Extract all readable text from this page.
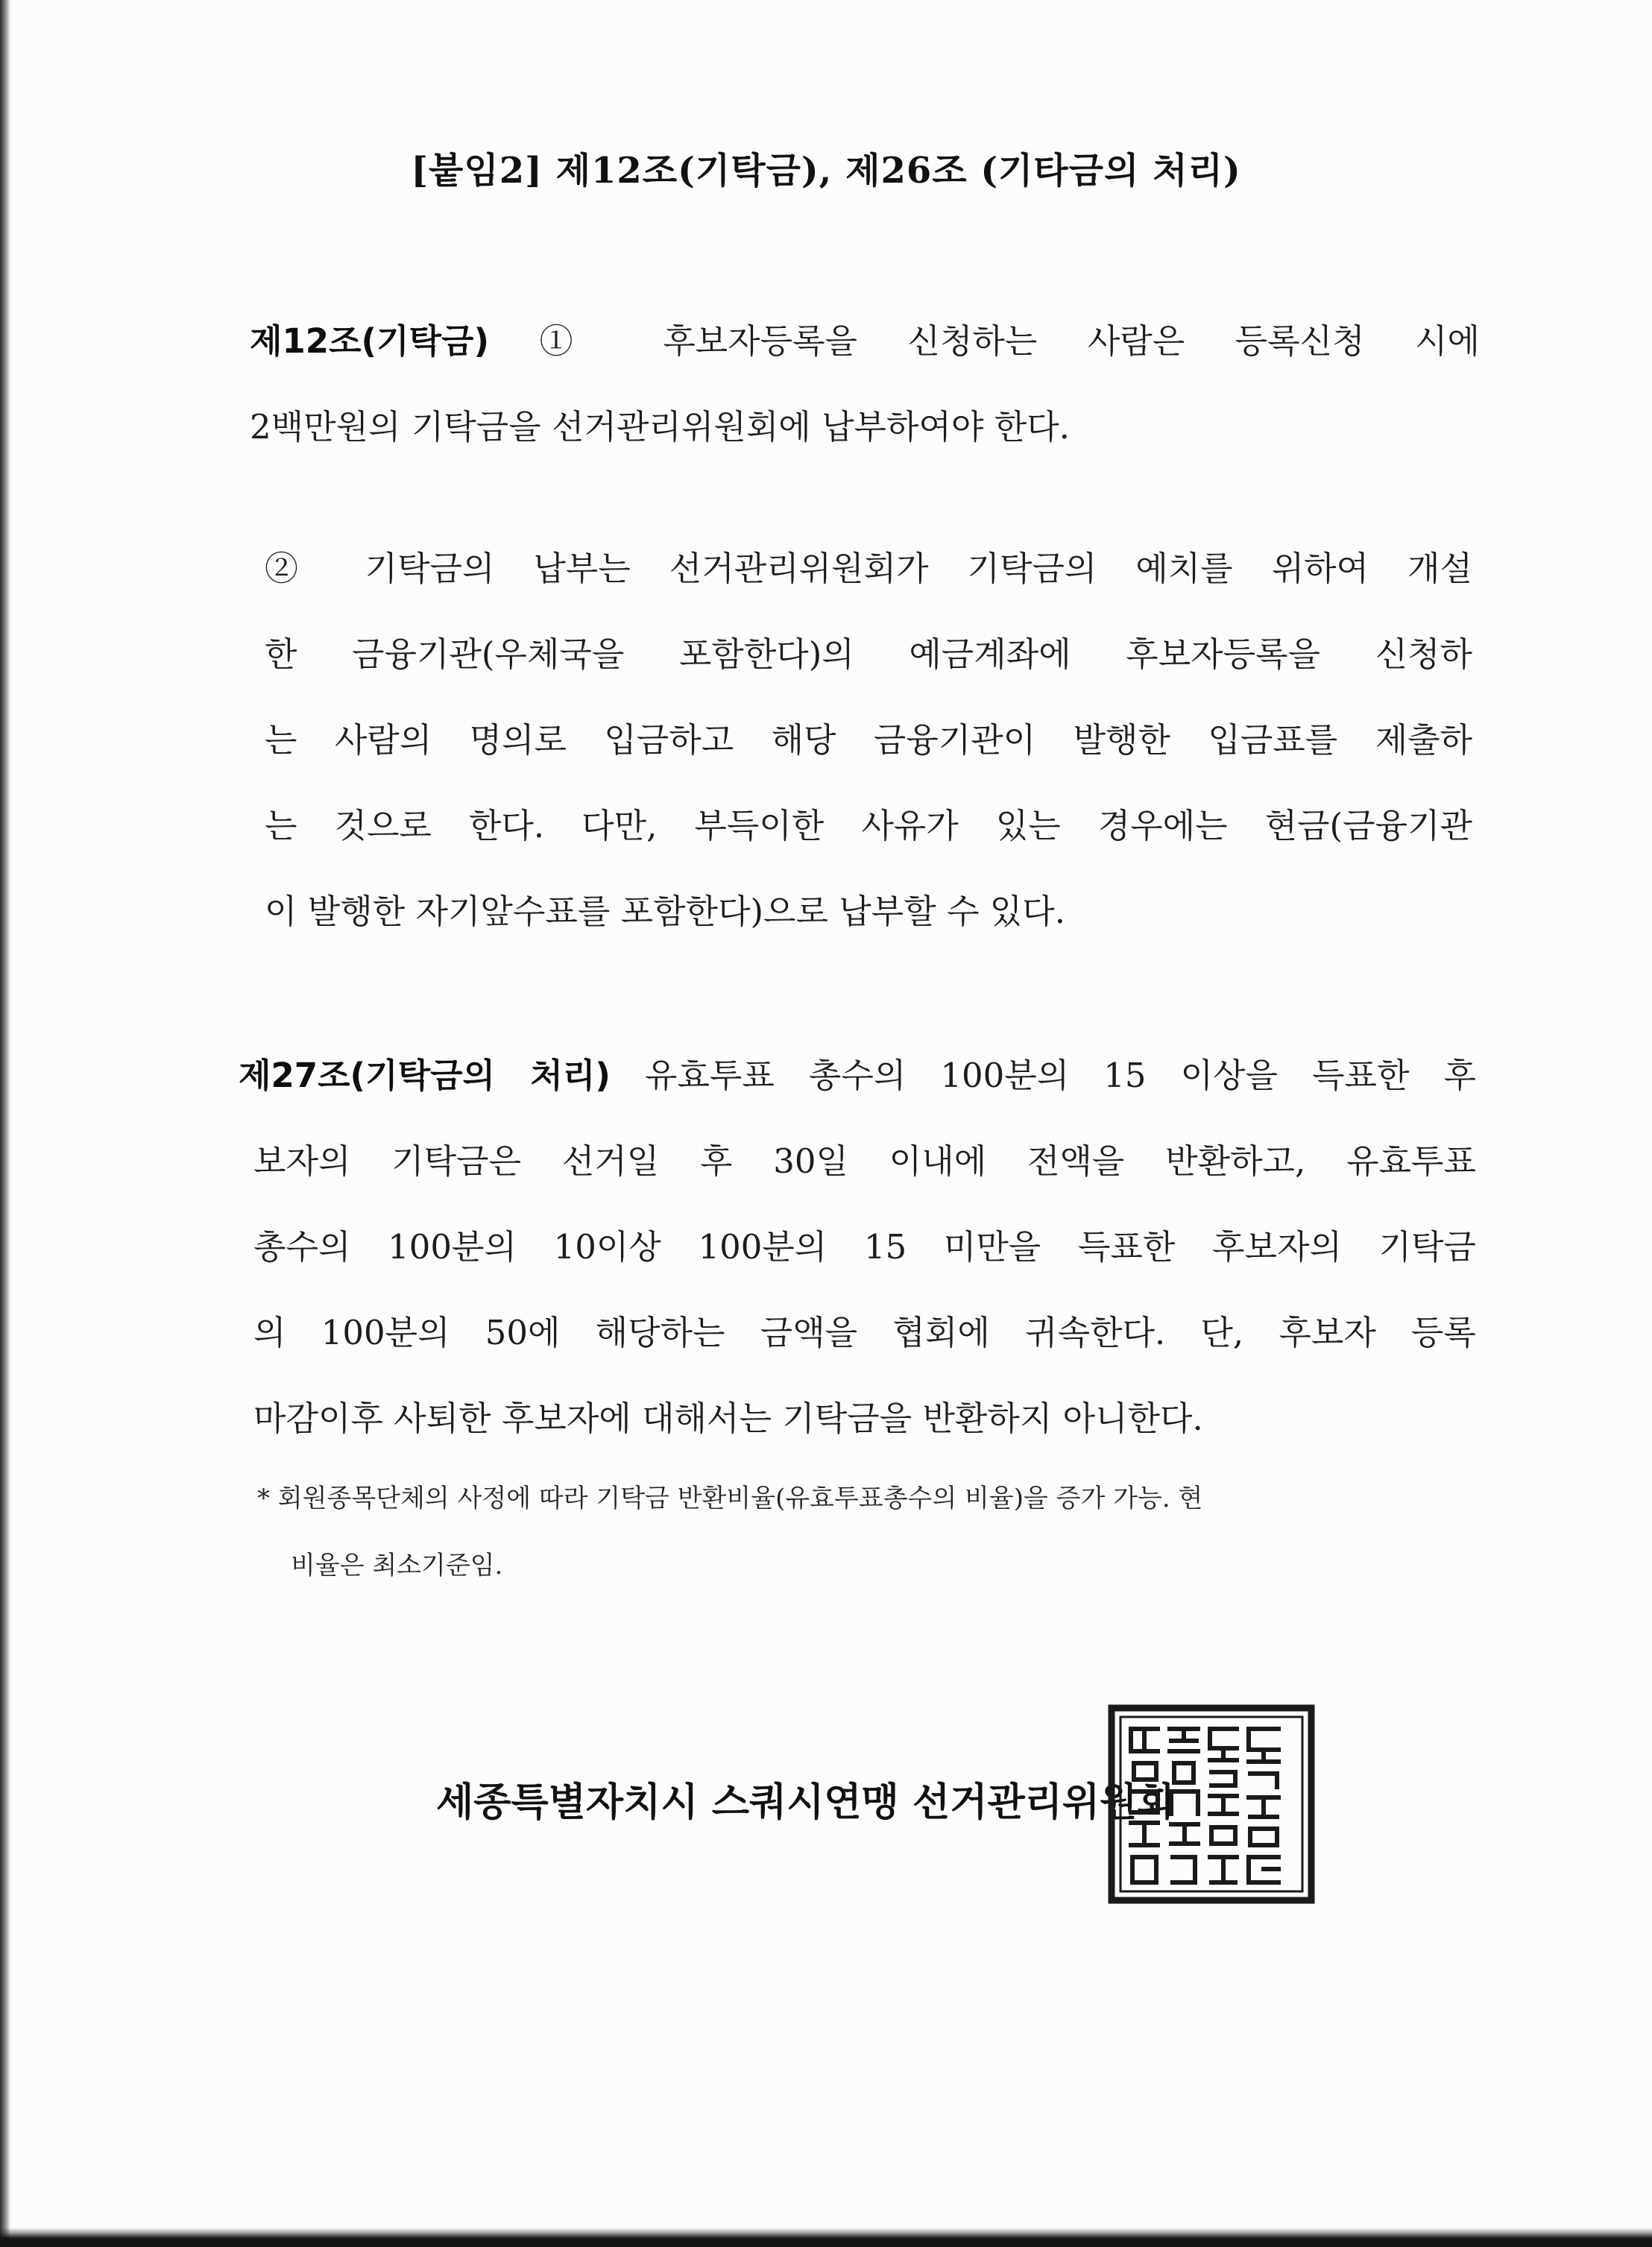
[붙임2] 제12조(기탁금), 제26조 (기타금의 처리)
제12조(기탁금) ① 후보자등록을 신청하는 사람은 등록신청 시에
2백만원의 기탁금을 선거관리위원회에 납부하여야 한다.
② 기탁금의 납부는 선거관리위원회가 기탁금의 예치를 위하여 개설
한 금융기관(우체국을 포함한다)의 예금계좌에 후보자등록을 신청하
는 사람의 명의로 입금하고 해당 금융기관이 발행한 입금표를 제출하
는 것으로 한다. 다만, 부득이한 사유가 있는 경우에는 현금(금융기관
이 발행한 자기앞수표를 포함한다)으로 납부할 수 있다.
제27조(기탁금의 처리) 유효투표 총수의 100분의 15 이상을 득표한 후
보자의 기탁금은 선거일 후 30일 이내에 전액을 반환하고, 유효투표
총수의 100분의 10이상 100분의 15 미만을 득표한 후보자의 기탁금
의 100분의 50에 해당하는 금액을 협회에 귀속한다. 단, 후보자 등록
마감이후 사퇴한 후보자에 대해서는 기탁금을 반환하지 아니한다.
* 회원종목단체의 사정에 따라 기탁금 반환비율(유효투표총수의 비율)을 증가 가능. 현
비율은 최소기준임.
세종특별자치시 스쿼시연맹 선거관리위원회
